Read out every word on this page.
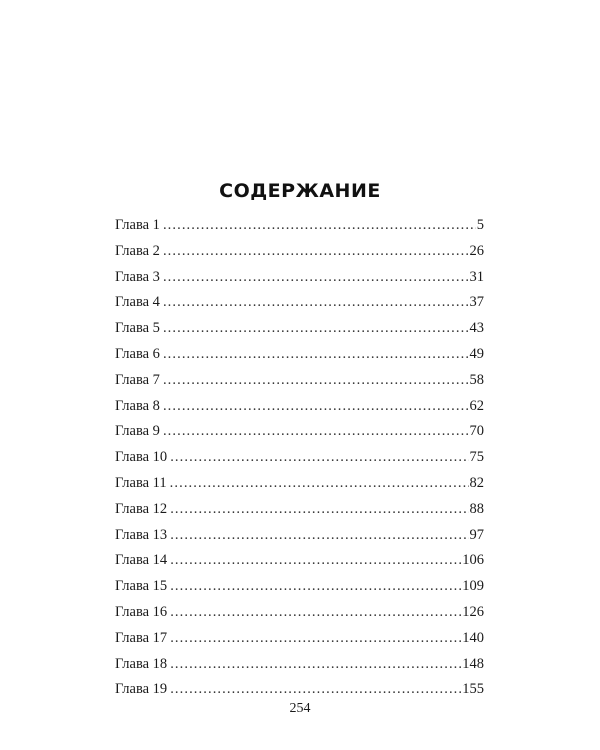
СОДЕРЖАНИЕ
Глава 1 .....	5
Глава 2 .....	26
Глава 3 .....	31
Глава 4 .....	37
Глава 5 .....	43
Глава 6 .....	49
Глава 7 .....	58
Глава 8 .....	62
Глава 9 .....	70
Глава 10 .....	75
Глава 11 .....	82
Глава 12 .....	88
Глава 13 .....	97
Глава 14 .....	106
Глава 15 .....	109
Глава 16 .....	126
Глава 17 .....	140
Глава 18 .....	148
Глава 19 .....	155
254
